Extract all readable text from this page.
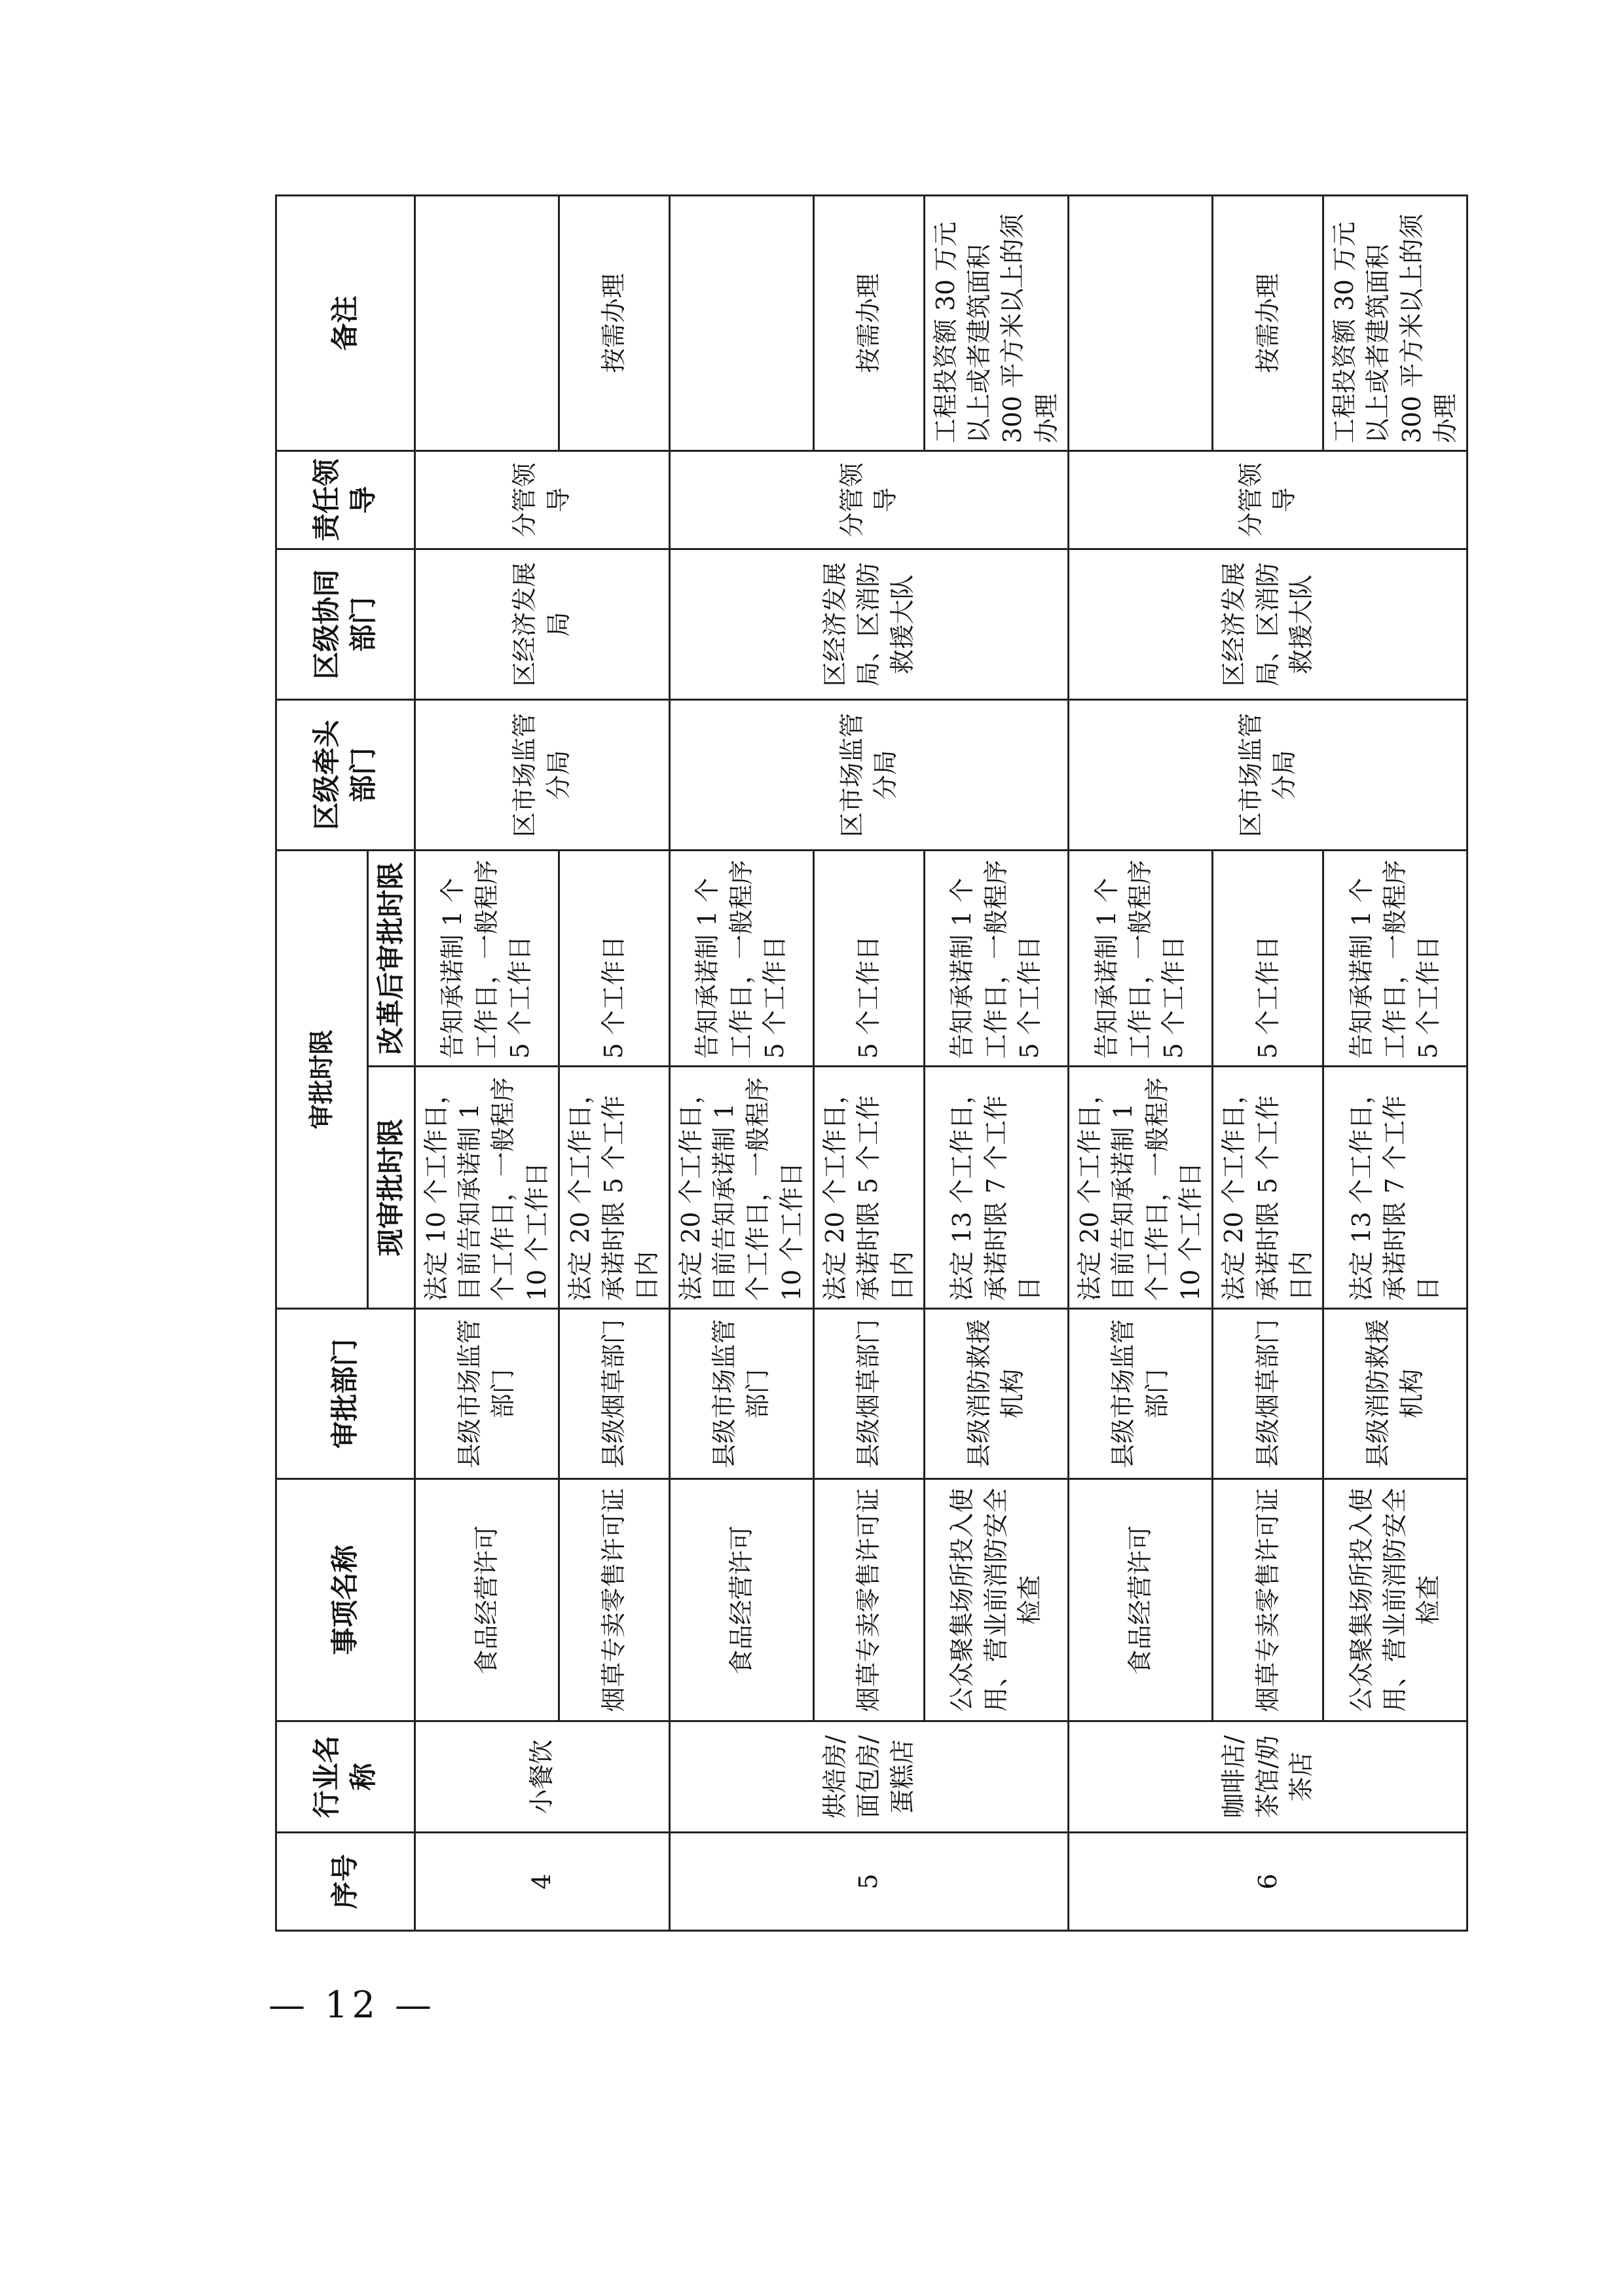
序号	行业名称	事项名称	审批部门	审批时限		区级牵头部门	区级协同部门	责任领导	备注
				现审批时限	改革后审批时限				
4	小餐饮	食品经营许可	县级市场监管部门	法定 10 个工作日，目前告知承诺制 1 个工作日，一般程序 10 个工作日	告知承诺制 1 个工作日，一般程序 5 个工作日	区市场监管分局	区经济发展局	分管领导	
		烟草专卖零售许可证	县级烟草部门	法定 20 个工作日，承诺时限 5 个工作日内	5 个工作日				按需办理
5	烘焙房/面包房/蛋糕店	食品经营许可	县级市场监管部门	法定 20 个工作日，目前告知承诺制 1 个工作日，一般程序 10 个工作日	告知承诺制 1 个工作日，一般程序 5 个工作日	区市场监管分局	区经济发展局、区消防救援大队	分管领导	
		烟草专卖零售许可证	县级烟草部门	法定 20 个工作日，承诺时限 5 个工作日内	5 个工作日				按需办理
		公众聚集场所投入使用、营业前消防安全检查	县级消防救援机构	法定 13 个工作日，承诺时限 7 个工作日	告知承诺制 1 个工作日，一般程序 5 个工作日				工程投资额 30 万元以上或者建筑面积 300 平方米以上的须办理
6	咖啡店/茶馆/奶茶店	食品经营许可	县级市场监管部门	法定 20 个工作日，目前告知承诺制 1 个工作日，一般程序 10 个工作日	告知承诺制 1 个工作日，一般程序 5 个工作日	区市场监管分局	区经济发展局、区消防救援大队	分管领导	
		烟草专卖零售许可证	县级烟草部门	法定 20 个工作日，承诺时限 5 个工作日内	5 个工作日				按需办理
		公众聚集场所投入使用、营业前消防安全检查	县级消防救援机构	法定 13 个工作日，承诺时限 7 个工作日	告知承诺制 1 个工作日，一般程序 5 个工作日				工程投资额 30 万元以上或者建筑面积 300 平方米以上的须办理
— 12 —
